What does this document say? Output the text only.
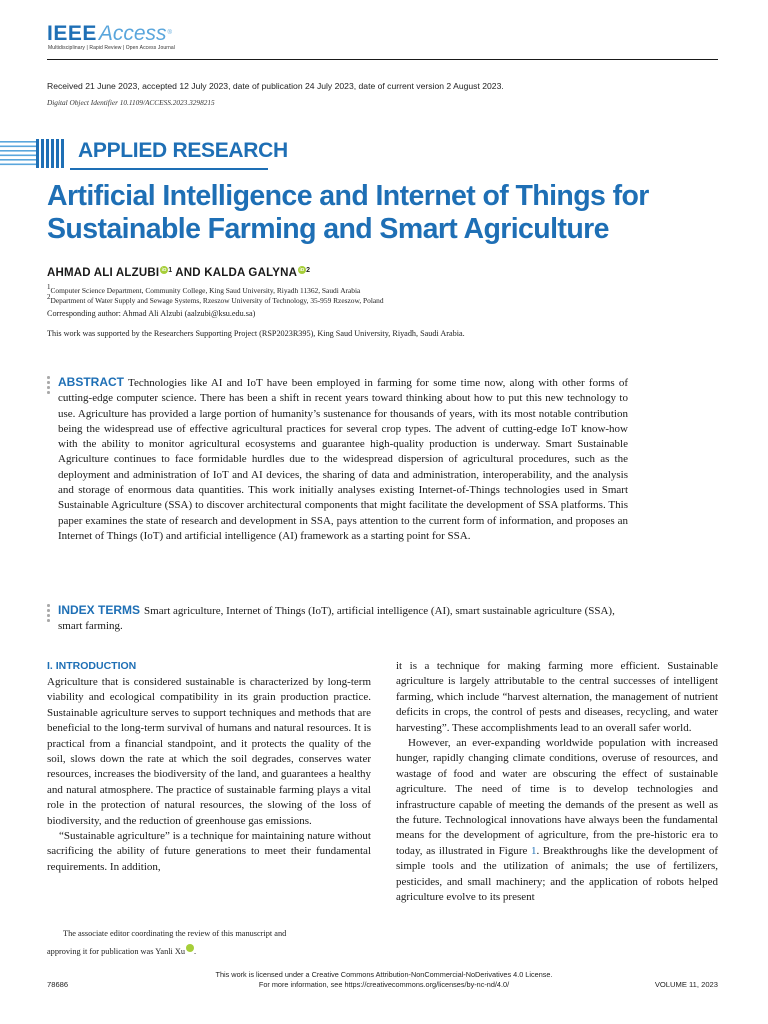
IEEEAccess®
Multidisciplinary | Rapid Review | Open Access Journal
Received 21 June 2023, accepted 12 July 2023, date of publication 24 July 2023, date of current version 2 August 2023.
Digital Object Identifier 10.1109/ACCESS.2023.3298215
APPLIED RESEARCH
Artificial Intelligence and Internet of Things for
Sustainable Farming and Smart Agriculture
AHMAD ALI ALZUBI iD $^1$ AND KALDA GALYNA iD $^2$
$^1$Computer Science Department, Community College, King Saud University, Riyadh 11362, Saudi Arabia
$^2$Department of Water Supply and Sewage Systems, Rzeszow University of Technology, 35-959 Rzeszow, Poland
Corresponding author: Ahmad Ali Alzubi (aalzubi@ksu.edu.sa)
This work was supported by the Researchers Supporting Project (RSP2023R395), King Saud University, Riyadh, Saudi Arabia.
ABSTRACT Technologies like AI and IoT have been employed in farming for some time now, along with other forms of cutting-edge computer science. There has been a shift in recent years toward thinking about how to put this new technology to use. Agriculture has provided a large portion of humanity’s sustenance for thousands of years, with its most notable contribution being the widespread use of effective agricultural practices for several crop types. The advent of cutting-edge IoT know-how with the ability to monitor agricultural ecosystems and guarantee high-quality production is underway. Smart Sustainable Agriculture continues to face formidable hurdles due to the widespread dispersion of agricultural procedures, such as the deployment and administration of IoT and AI devices, the sharing of data and administration, interoperability, and the analysis and storage of enormous data quantities. This work initially analyses existing Internet-of-Things technologies used in Smart Sustainable Agriculture (SSA) to discover architectural components that might facilitate the development of SSA platforms. This paper examines the state of research and development in SSA, pays attention to the current form of information, and proposes an Internet of Things (IoT) and artificial intelligence (AI) framework as a starting point for SSA.
INDEX TERMS Smart agriculture, Internet of Things (IoT), artificial intelligence (AI), smart sustainable agriculture (SSA), smart farming.
I. INTRODUCTION

Agriculture that is considered sustainable is characterized by long-term viability and ecological compatibility in its grain production practice. Sustainable agriculture serves to support techniques and methods that are beneficial to the long-term survival of humans and natural resources. It is practical from a financial standpoint, and it protects the quality of the soil, slows down the rate at which the soil degrades, conserves water resources, increases the biodiversity of the land, and guarantees a healthy and natural atmosphere. The practice of sustainable farming plays a vital role in the protection of natural resources, the slowing of the loss of biodiversity, and the reduction of greenhouse gas emissions.

“Sustainable agriculture” is a technique for maintaining nature without sacrificing the ability of future generations to meet their fundamental requirements. In addition,

The associate editor coordinating the review of this manuscript and
approving it for publication was Yanli Xu iD .

it is a technique for making farming more efficient. Sustainable agriculture is largely attributable to the central successes of intelligent farming, which include “harvest alternation, the management of nutrient deficits in crops, the control of pests and diseases, recycling, and water harvesting”. These accomplishments lead to an overall safer world.

However, an ever-expanding worldwide population with increased hunger, rapidly changing climate conditions, overuse of resources, and wastage of food and water are obscuring the effect of sustainable agriculture. The need of time is to develop technologies and infrastructure capable of meeting the demands of the present as well as the future. Technological innovations have always been the fundamental means for the development of agriculture, from the pre-historic era to today, as illustrated in Figure 1. Breakthroughs like the development of simple tools and the utilization of animals; the use of fertilizers, pesticides, and small machinery; and the application of robots helped agriculture evolve to its present

This work is licensed under a Creative Commons Attribution-NonCommercial-NoDerivatives 4.0 License.
For more information, see https://creativecommons.org/licenses/by-nc-nd/4.0/
78686	VOLUME 11, 2023
